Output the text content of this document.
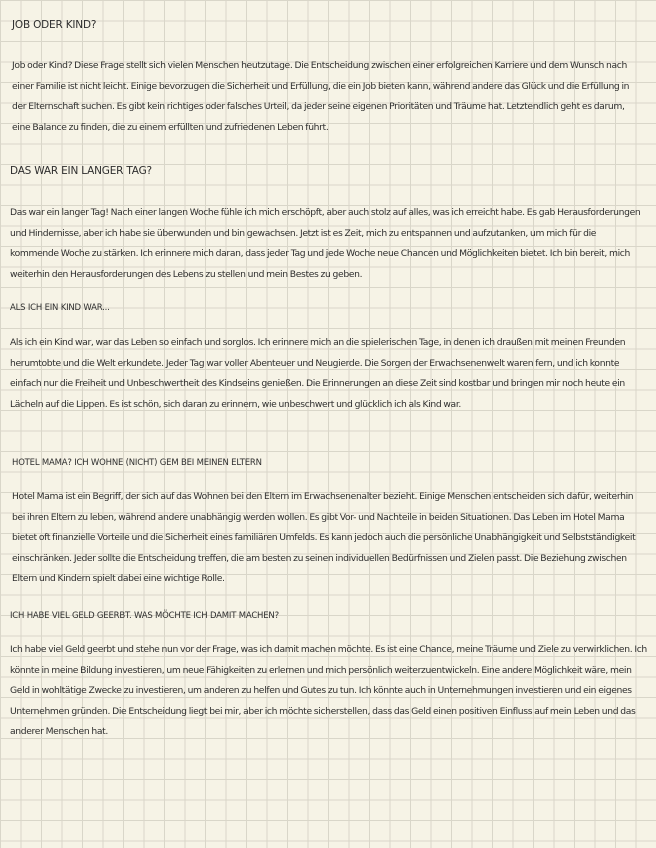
JOB ODER KIND?

Job oder Kind? Diese Frage stellt sich vielen Menschen heutzutage. Die Entscheidung zwischen einer erfolgreichen Karriere und dem Wunsch nach einer Familie ist nicht leicht. Einige bevorzugen die Sicherheit und Erfüllung, die ein Job bieten kann, während andere das Glück und die Erfüllung in der Elternschaft suchen. Es gibt kein richtiges oder falsches Urteil, da jeder seine eigenen Prioritäten und Träume hat. Letztendlich geht es darum, eine Balance zu finden, die zu einem erfüllten und zufriedenen Leben führt.

DAS WAR EIN LANGER TAG?

Das war ein langer Tag! Nach einer langen Woche fühle ich mich erschöpft, aber auch stolz auf alles, was ich erreicht habe. Es gab Herausforderungen und Hindernisse, aber ich habe sie überwunden und bin gewachsen. Jetzt ist es Zeit, mich zu entspannen und aufzutanken, um mich für die kommende Woche zu stärken. Ich erinnere mich daran, dass jeder Tag und jede Woche neue Chancen und Möglichkeiten bietet. Ich bin bereit, mich weiterhin den Herausforderungen des Lebens zu stellen und mein Bestes zu geben.

ALS ICH EIN KIND WAR...

Als ich ein Kind war, war das Leben so einfach und sorglos. Ich erinnere mich an die spielerischen Tage, in denen ich draußen mit meinen Freunden herumtobte und die Welt erkundete. Jeder Tag war voller Abenteuer und Neugierde. Die Sorgen der Erwachsenenwelt waren fern, und ich konnte einfach nur die Freiheit und Unbeschwertheit des Kindseins genießen. Die Erinnerungen an diese Zeit sind kostbar und bringen mir noch heute ein Lächeln auf die Lippen. Es ist schön, sich daran zu erinnern, wie unbeschwert und glücklich ich als Kind war.

HOTEL MAMA? ICH WOHNE (NICHT) GEM BEI MEINEN ELTERN

Hotel Mama ist ein Begriff, der sich auf das Wohnen bei den Eltern im Erwachsenenalter bezieht. Einige Menschen entscheiden sich dafür, weiterhin bei ihren Eltern zu leben, während andere unabhängig werden wollen. Es gibt Vor- und Nachteile in beiden Situationen. Das Leben im Hotel Mama bietet oft finanzielle Vorteile und die Sicherheit eines familiären Umfelds. Es kann jedoch auch die persönliche Unabhängigkeit und Selbstständigkeit einschränken. Jeder sollte die Entscheidung treffen, die am besten zu seinen individuellen Bedürfnissen und Zielen passt. Die Beziehung zwischen Eltern und Kindern spielt dabei eine wichtige Rolle.

ICH HABE VIEL GELD GEERBT. WAS MÖCHTE ICH DAMIT MACHEN?

Ich habe viel Geld geerbt und stehe nun vor der Frage, was ich damit machen möchte. Es ist eine Chance, meine Träume und Ziele zu verwirklichen. Ich könnte in meine Bildung investieren, um neue Fähigkeiten zu erlernen und mich persönlich weiterzuentwickeln. Eine andere Möglichkeit wäre, mein Geld in wohltätige Zwecke zu investieren, um anderen zu helfen und Gutes zu tun. Ich könnte auch in Unternehmungen investieren und ein eigenes Unternehmen gründen. Die Entscheidung liegt bei mir, aber ich möchte sicherstellen, dass das Geld einen positiven Einfluss auf mein Leben und das anderer Menschen hat.
